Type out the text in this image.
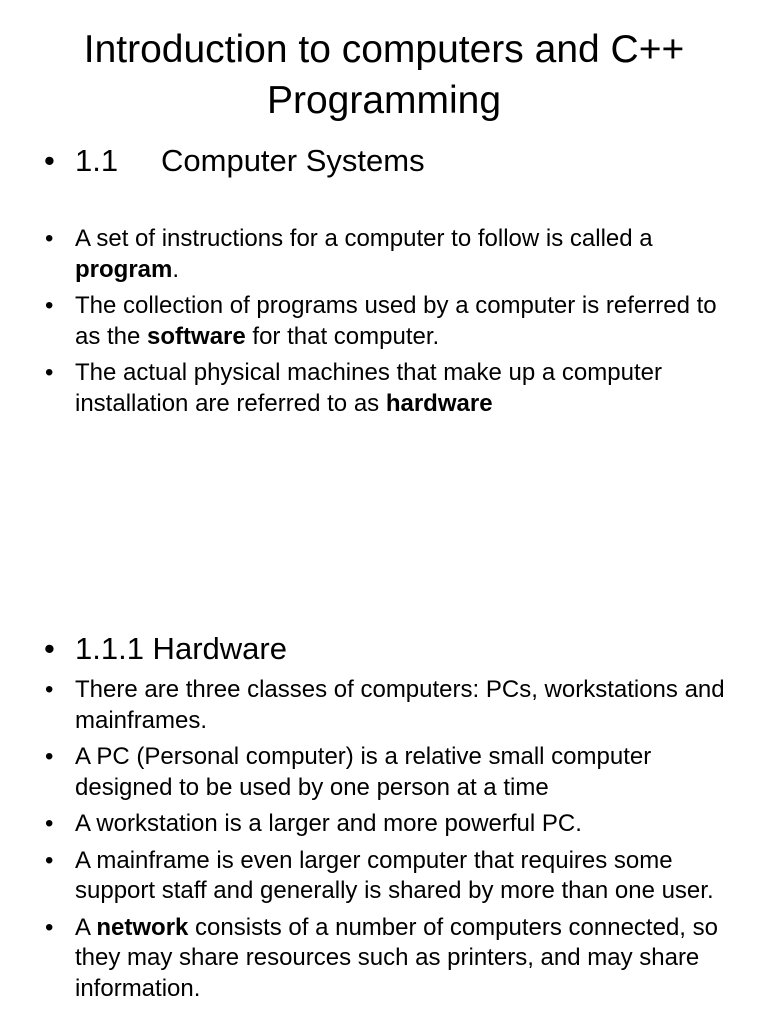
Introduction to computers and C++ Programming
• 1.1 Computer Systems
• A set of instructions for a computer to follow is called a program.
• The collection of programs used by a computer is referred to as the software for that computer.
• The actual physical machines that make up a computer installation are referred to as hardware
• 1.1.1 Hardware
• There are three classes of computers: PCs, workstations and mainframes.
• A PC (Personal computer) is a relative small computer designed to be used by one person at a time
• A workstation is a larger and more powerful PC.
• A mainframe is even larger computer that requires some support staff and generally is shared by more than one user.
• A network consists of a number of computers connected, so they may share resources such as printers, and may share information.
